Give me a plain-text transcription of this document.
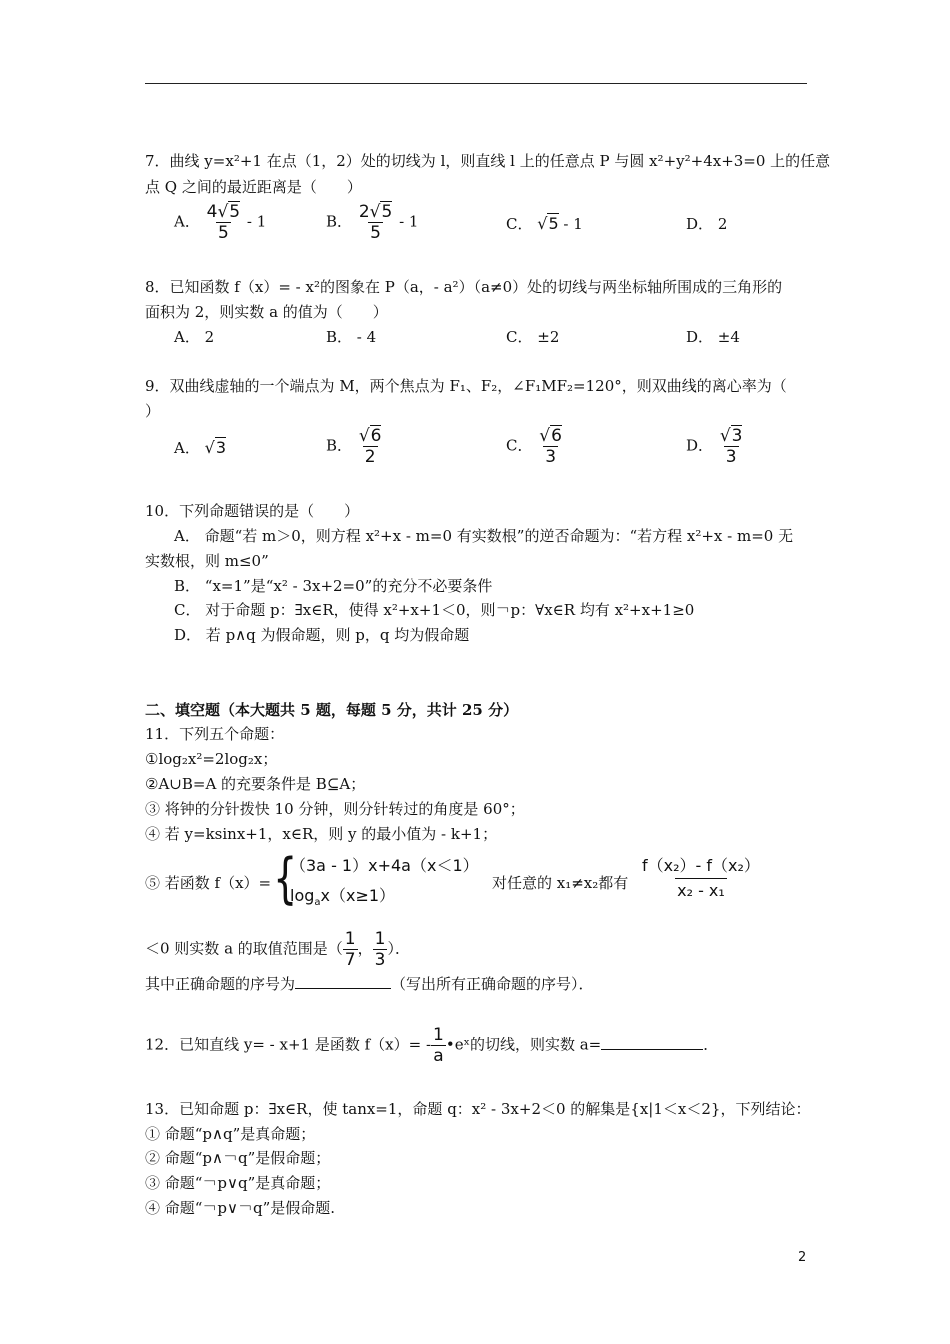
7．曲线 y=x²+1 在点（1，2）处的切线为 l，则直线 l 上的任意点 P 与圆 x²+y²+4x+3=0 上的任意
点 Q 之间的最近距离是（　　）
A． $\frac{4√5}{5} - 1$	B． $\frac{2√5}{5} - 1$	C． √5 - 1	D． 2
8．已知函数 f（x）= - x²的图象在 P（a，- a²）（a≠0）处的切线与两坐标轴所围成的三角形的
面积为 2，则实数 a 的值为（　　）
A． 2	B． - 4	C． ±2	D． ±4
9．双曲线虚轴的一个端点为 M，两个焦点为 F₁、F₂，∠F₁MF₂=120°，则双曲线的离心率为（
）
A． √3	B． $\frac{√6}{2}$	C． $\frac{√6}{3}$	D． $\frac{√3}{3}$
10．下列命题错误的是（　　）
A． 命题“若 m＞0，则方程 x²+x - m=0 有实数根”的逆否命题为：“若方程 x²+x - m=0 无
实数根，则 m≤0”
B． “x=1”是“x² - 3x+2=0”的充分不必要条件
C． 对于命题 p：∃x∈R，使得 x²+x+1＜0，则￢p：∀x∈R 均有 x²+x+1≥0
D． 若 p∧q 为假命题，则 p，q 均为假命题
二、填空题（本大题共 5 题，每题 5 分，共计 25 分）
11．下列五个命题：
①log₂x²=2log₂x；
②A∪B=A 的充要条件是 B⊆A；
③ 将钟的分针拨快 10 分钟，则分针转过的角度是 60°；
④ 若 y=ksinx+1，x∈R，则 y 的最小值为 - k+1；
⑤ 若函数 f（x）= {
（3a - 1）x+4a（x＜1）
$\log_ax(x\ge 1)$
对任意的 x₁≠x₂都有 $\frac{\text{f（x₂）- f（x₂）}}{\text{x₂ - x₁}}$
＜0 则实数 a 的取值范围是（ $\frac{1}{7}$ ， $\frac{1}{3}$ ）．
其中正确命题的序号为	（写出所有正确命题的序号）．
12．已知直线 y= - x+1 是函数 $f(x)= - \frac{1}{a}$ •eˣ的切线，则实数 a=	．
13．已知命题 p：∃x∈R，使 tanx=1，命题 q：x² - 3x+2＜0 的解集是{x|1＜x＜2}，下列结论：
① 命题“p∧q”是真命题；
② 命题“p∧￢q”是假命题；
③ 命题“￢p∨q”是真命题；
④ 命题“￢p∨￢q”是假命题.
2
